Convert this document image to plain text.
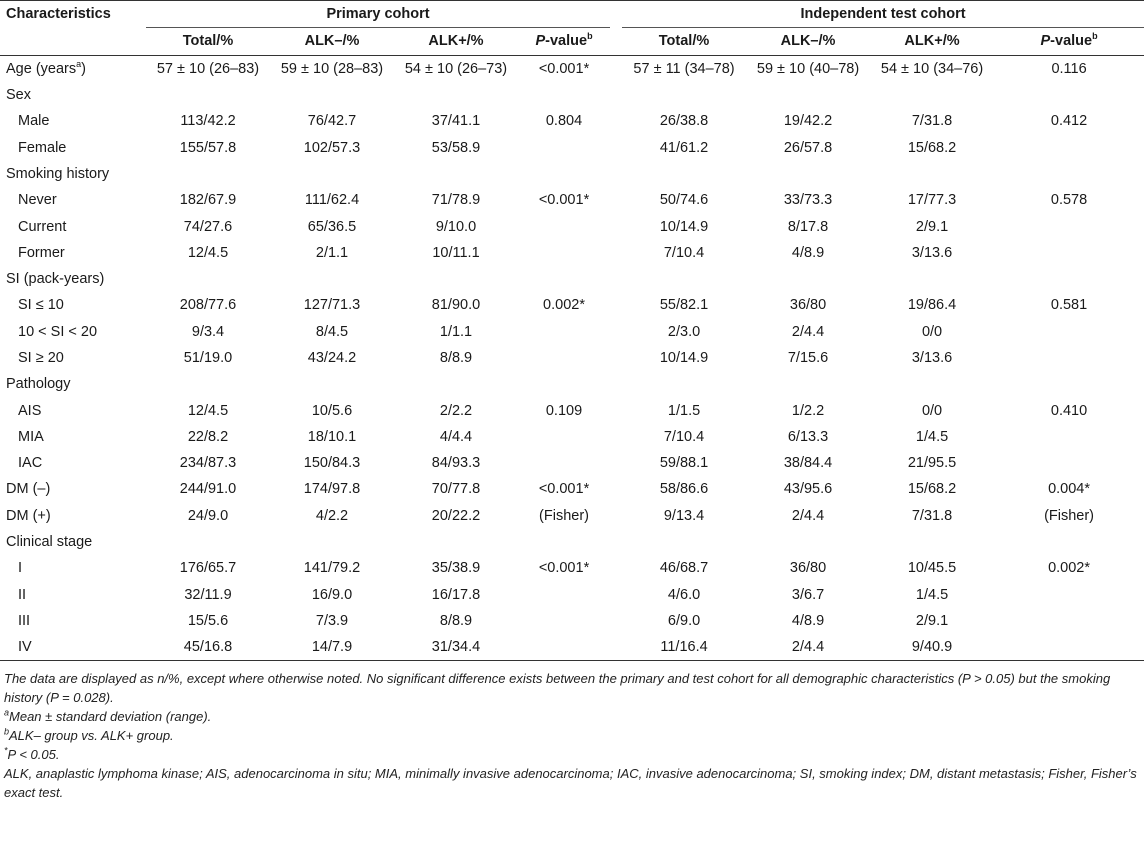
Characteristics	Primary cohort					Independent test cohort			
	Total/%	ALK–/%	ALK+/%	P-value$^b$		Total/%	ALK–/%	ALK+/%	P-value$^b$
Age (years$^a$)	57 ± 10 (26–83)	59 ± 10 (28–83)	54 ± 10 (26–73)	<0.001*		57 ± 11 (34–78)	59 ± 10 (40–78)	54 ± 10 (34–76)	0.116
Sex									
Male	113/42.2	76/42.7	37/41.1	0.804		26/38.8	19/42.2	7/31.8	0.412
Female	155/57.8	102/57.3	53/58.9			41/61.2	26/57.8	15/68.2	
Smoking history									
Never	182/67.9	111/62.4	71/78.9	<0.001*		50/74.6	33/73.3	17/77.3	0.578
Current	74/27.6	65/36.5	9/10.0			10/14.9	8/17.8	2/9.1	
Former	12/4.5	2/1.1	10/11.1			7/10.4	4/8.9	3/13.6	
SI (pack-years)									
SI ≤ 10	208/77.6	127/71.3	81/90.0	0.002*		55/82.1	36/80	19/86.4	0.581
10 < SI < 20	9/3.4	8/4.5	1/1.1			2/3.0	2/4.4	0/0	
SI ≥ 20	51/19.0	43/24.2	8/8.9			10/14.9	7/15.6	3/13.6	
Pathology									
AIS	12/4.5	10/5.6	2/2.2	0.109		1/1.5	1/2.2	0/0	0.410
MIA	22/8.2	18/10.1	4/4.4			7/10.4	6/13.3	1/4.5	
IAC	234/87.3	150/84.3	84/93.3			59/88.1	38/84.4	21/95.5	
DM (–)	244/91.0	174/97.8	70/77.8	<0.001*		58/86.6	43/95.6	15/68.2	0.004*
DM (+)	24/9.0	4/2.2	20/22.2	(Fisher)		9/13.4	2/4.4	7/31.8	(Fisher)
Clinical stage									
I	176/65.7	141/79.2	35/38.9	<0.001*		46/68.7	36/80	10/45.5	0.002*
II	32/11.9	16/9.0	16/17.8			4/6.0	3/6.7	1/4.5	
III	15/5.6	7/3.9	8/8.9			6/9.0	4/8.9	2/9.1	
IV	45/16.8	14/7.9	31/34.4			11/16.4	2/4.4	9/40.9	

The data are displayed as n/%, except where otherwise noted. No significant difference exists between the primary and test cohort for all demographic characteristics (P > 0.05) but the smoking history (P = 0.028).

$^a$Mean ± standard deviation (range).

$^b$ALK– group vs. ALK+ group.

*P < 0.05.

ALK, anaplastic lymphoma kinase; AIS, adenocarcinoma in situ; MIA, minimally invasive adenocarcinoma; IAC, invasive adenocarcinoma; SI, smoking index; DM, distant metastasis; Fisher, Fisher’s exact test.
